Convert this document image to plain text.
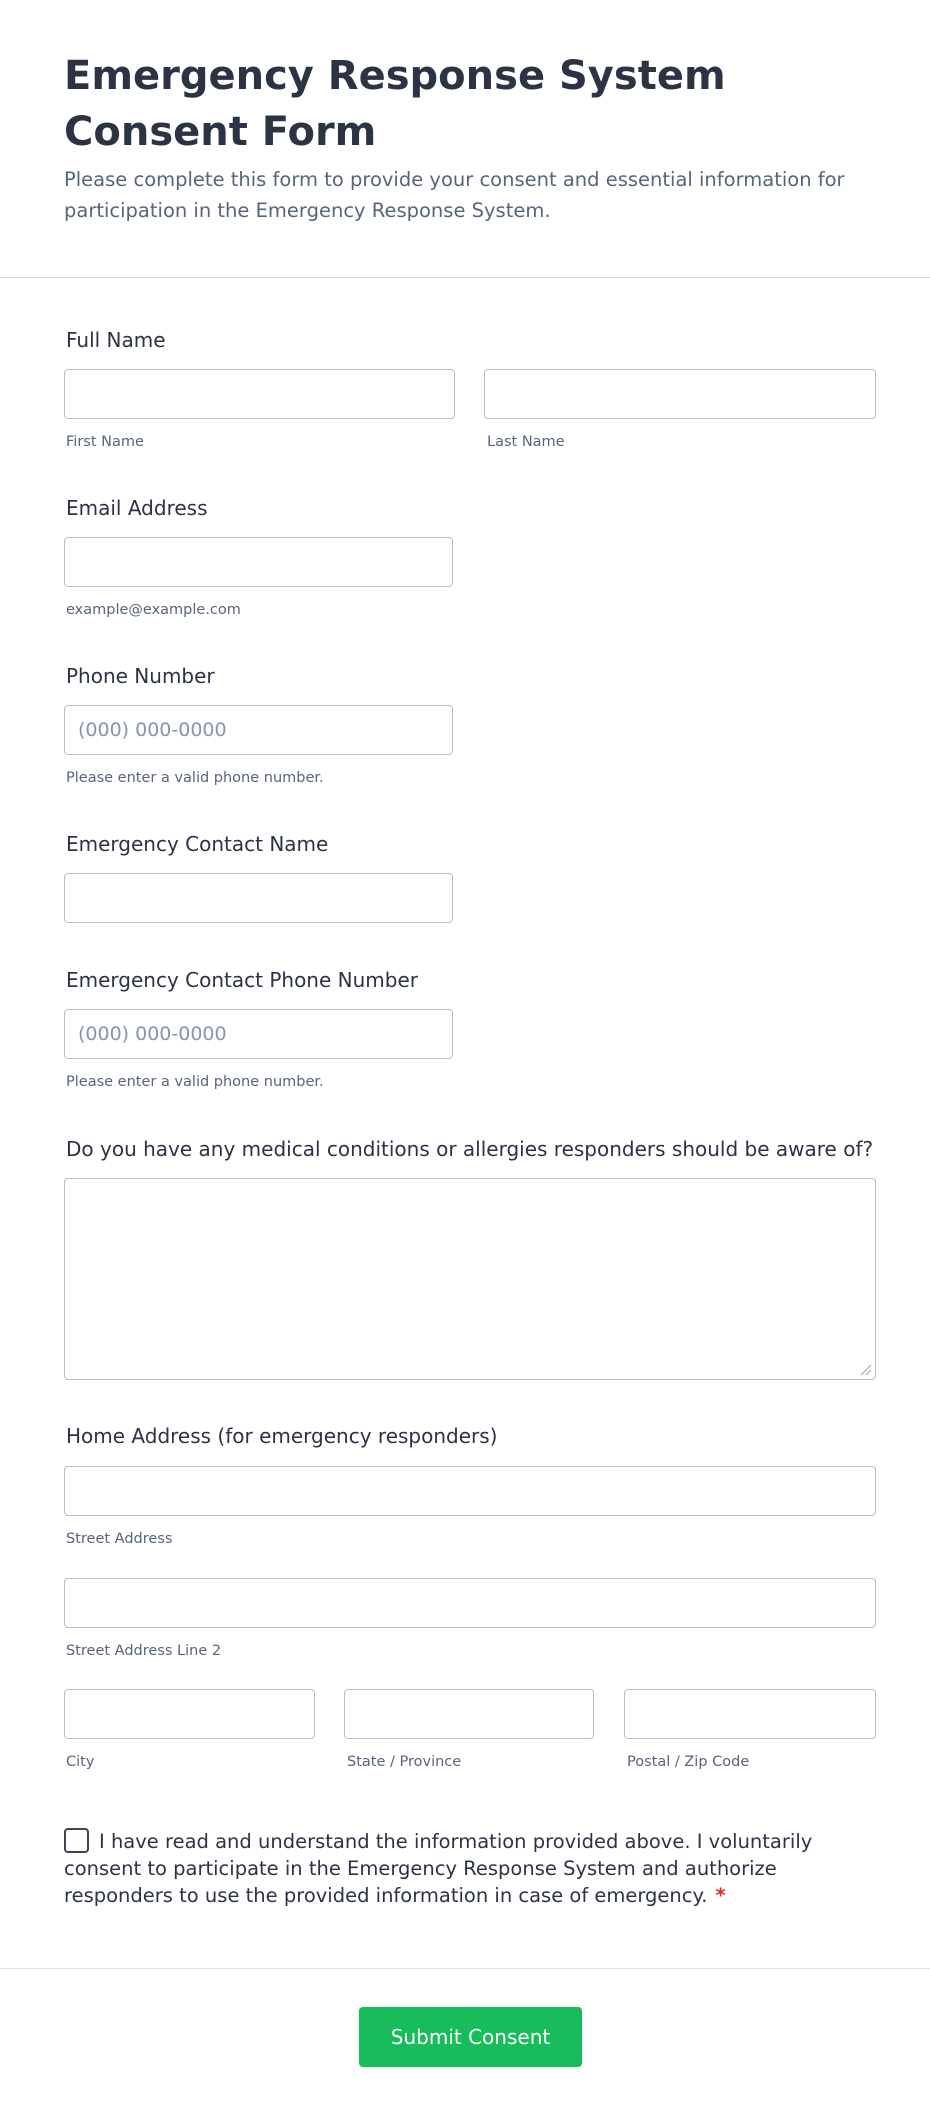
Emergency Response System Consent Form

Please complete this form to provide your consent and essential information for participation in the Emergency Response System.

Full Name
First Name	Last Name
Email Address
example@example.com
Phone Number
(000) 000-0000
Please enter a valid phone number.
Emergency Contact Name
Emergency Contact Phone Number
(000) 000-0000
Please enter a valid phone number.
Do you have any medical conditions or allergies responders should be aware of?
Home Address (for emergency responders)
Street Address
Street Address Line 2
City	State / Province	Postal / Zip Code
I have read and understand the information provided above. I voluntarily consent to participate in the Emergency Response System and authorize responders to use the provided information in case of emergency. *
Submit Consent
